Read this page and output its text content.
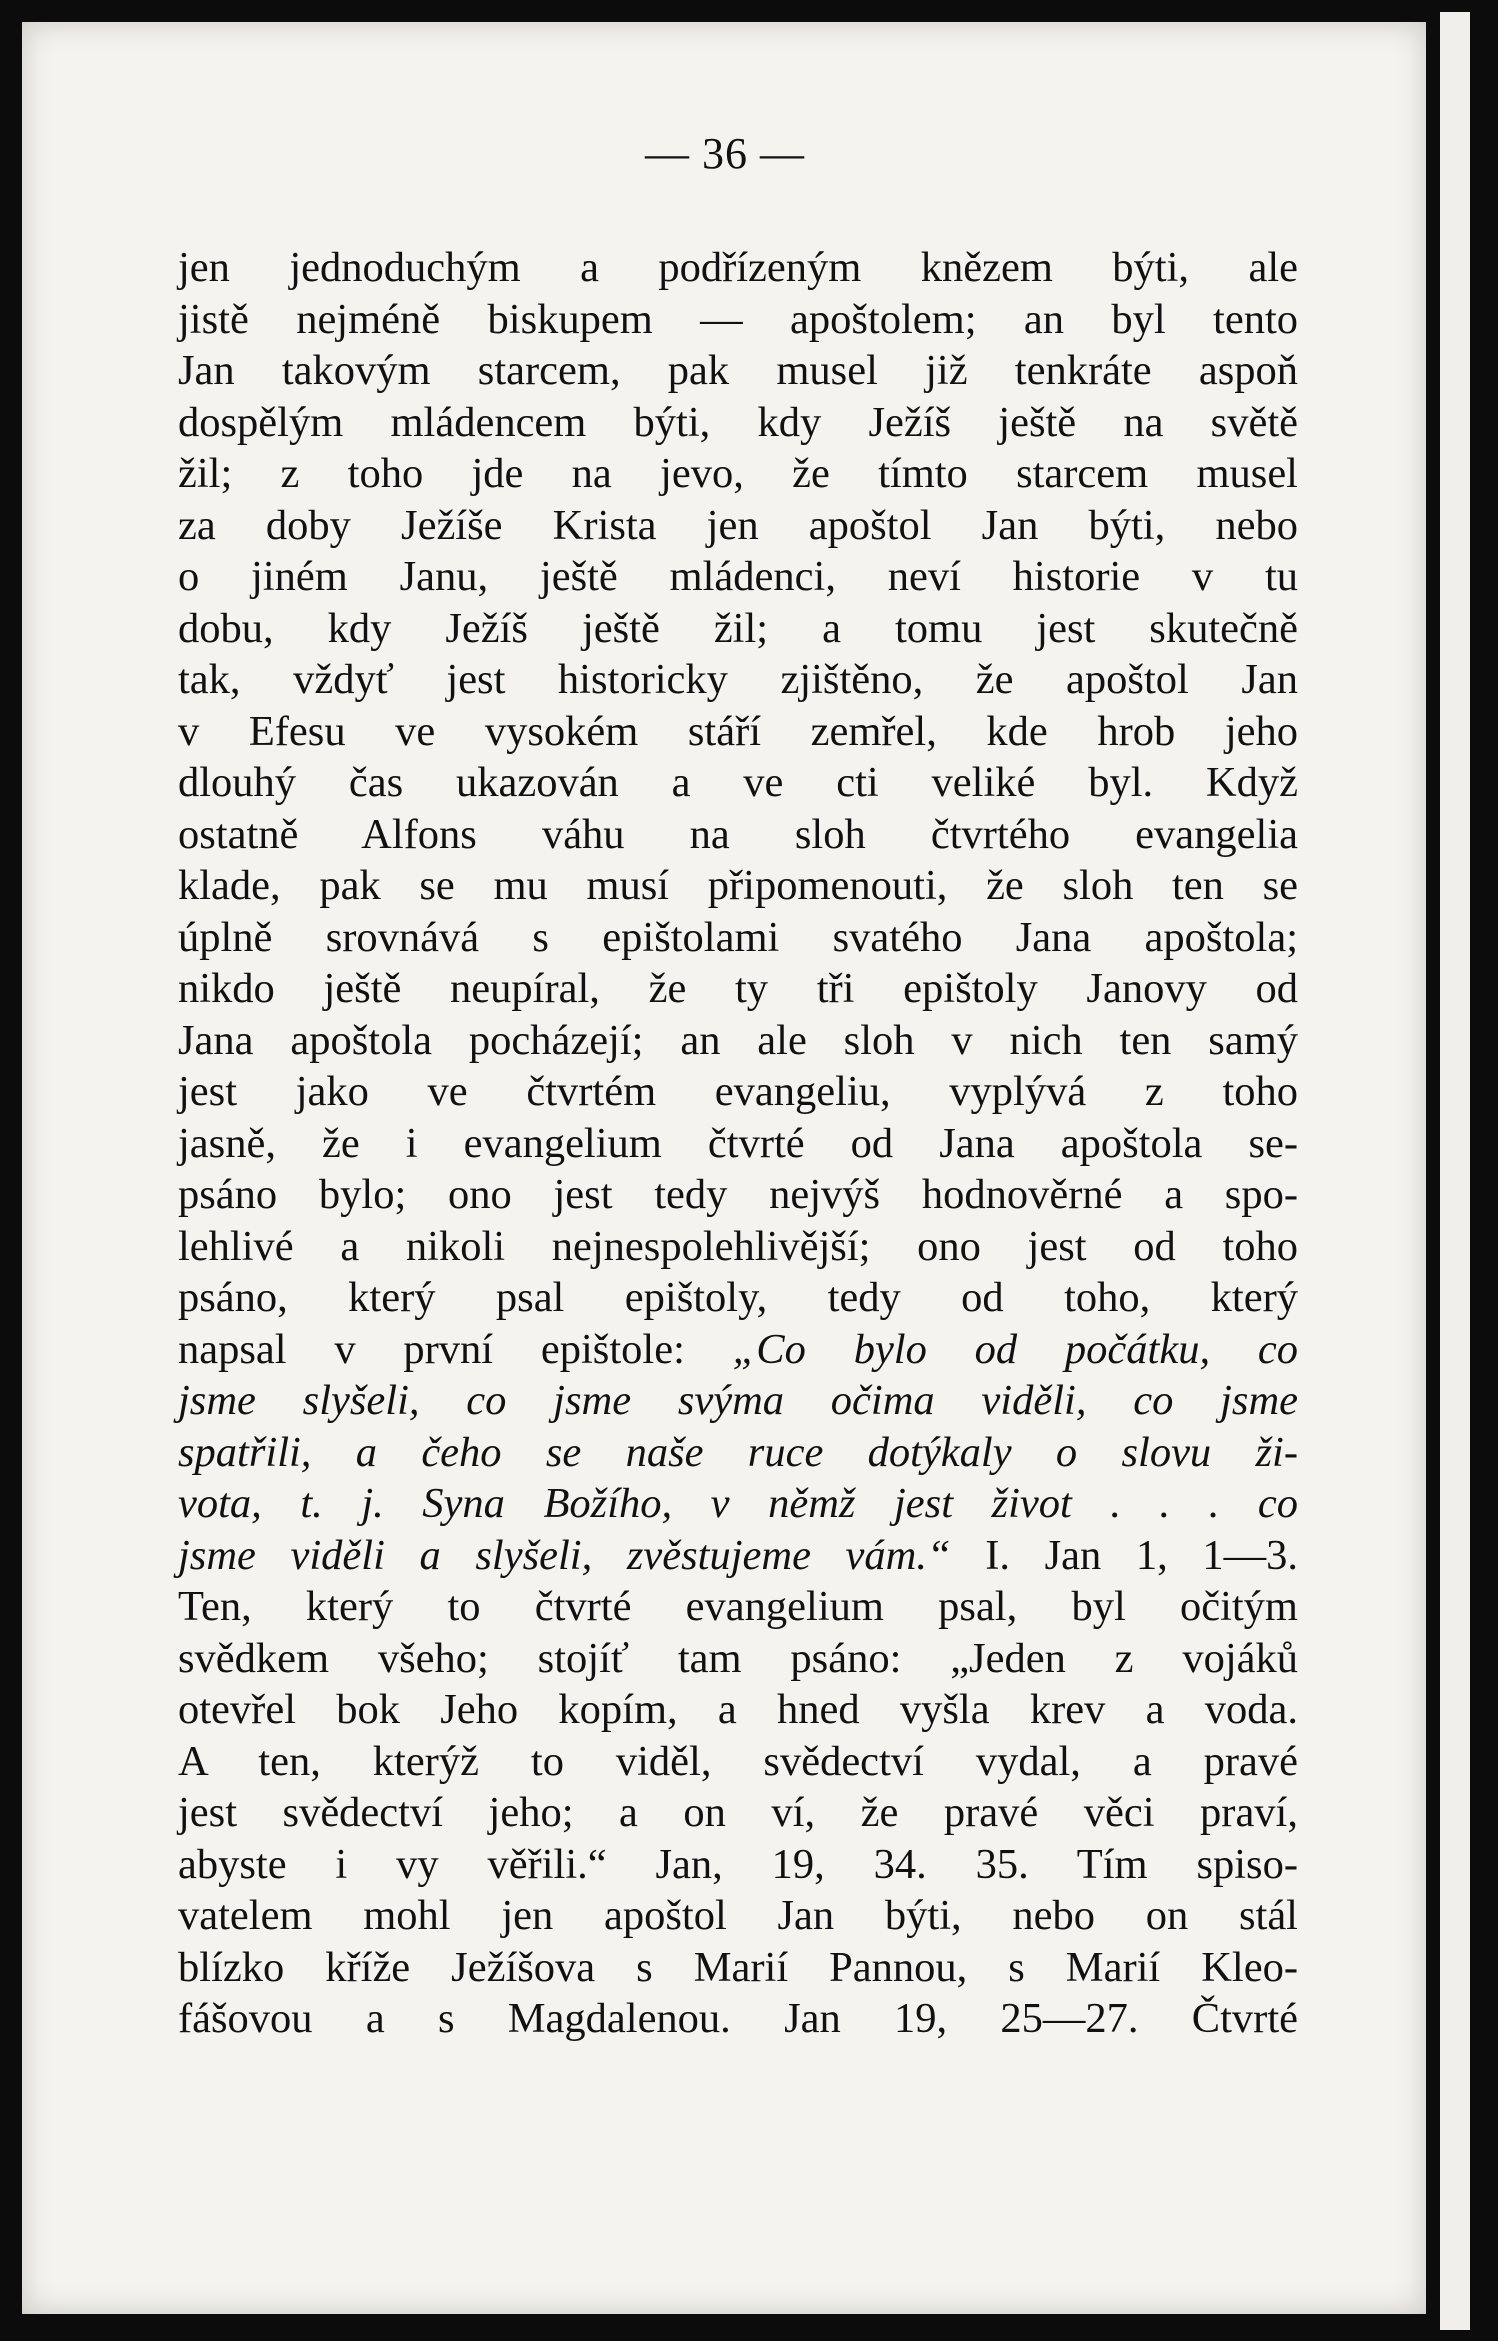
— 36 —
jen jednoduchým a podřízeným knězem býti, ale
jistě nejméně biskupem — apoštolem; an byl tento
Jan takovým starcem, pak musel již tenkráte aspoň
dospělým mládencem býti, kdy Ježíš ještě na světě
žil; z toho jde na jevo, že tímto starcem musel
za doby Ježíše Krista jen apoštol Jan býti, nebo
o jiném Janu, ještě mládenci, neví historie v tu
dobu, kdy Ježíš ještě žil; a tomu jest skutečně
tak, vždyť jest historicky zjištěno, že apoštol Jan
v Efesu ve vysokém stáří zemřel, kde hrob jeho
dlouhý čas ukazován a ve cti veliké byl. Když
ostatně Alfons váhu na sloh čtvrtého evangelia
klade, pak se mu musí připomenouti, že sloh ten se
úplně srovnává s epištolami svatého Jana apoštola;
nikdo ještě neupíral, že ty tři epištoly Janovy od
Jana apoštola pocházejí; an ale sloh v nich ten samý
jest jako ve čtvrtém evangeliu, vyplývá z toho
jasně, že i evangelium čtvrté od Jana apoštola se-
psáno bylo; ono jest tedy nejvýš hodnověrné a spo-
lehlivé a nikoli nejnespolehlivější; ono jest od toho
psáno, který psal epištoly, tedy od toho, který
napsal v první epištole: „Co bylo od počátku, co
jsme slyšeli, co jsme svýma očima viděli, co jsme
spatřili, a čeho se naše ruce dotýkaly o slovu ži-
vota, t. j. Syna Božího, v němž jest život . . . co
jsme viděli a slyšeli, zvěstujeme vám.“ I. Jan 1, 1—3.
Ten, který to čtvrté evangelium psal, byl očitým
svědkem všeho; stojíť tam psáno: „Jeden z vojáků
otevřel bok Jeho kopím, a hned vyšla krev a voda.
A ten, kterýž to viděl, svědectví vydal, a pravé
jest svědectví jeho; a on ví, že pravé věci praví,
abyste i vy věřili.“ Jan, 19, 34. 35. Tím spiso-
vatelem mohl jen apoštol Jan býti, nebo on stál
blízko kříže Ježíšova s Marií Pannou, s Marií Kleo-
fášovou a s Magdalenou. Jan 19, 25—27. Čtvrté
